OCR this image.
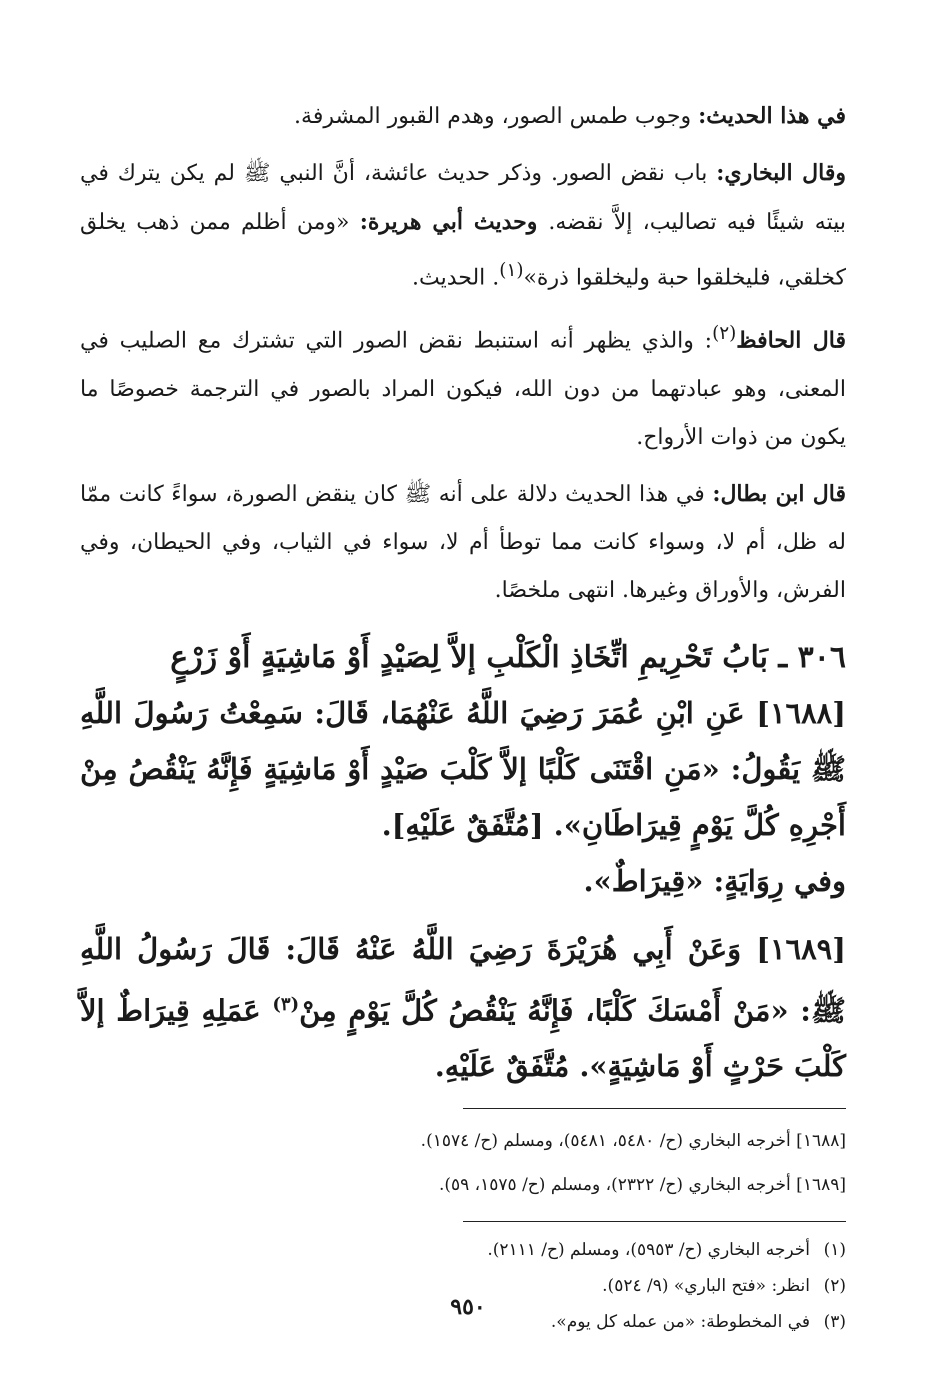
في هذا الحديث: وجوب طمس الصور، وهدم القبور المشرفة.

وقال البخاري: باب نقض الصور. وذكر حديث عائشة، أنَّ النبي ﷺ لم يكن يترك في بيته شيئًا فيه تصاليب، إلاَّ نقضه. وحديث أبي هريرة: «ومن أظلم ممن ذهب يخلق كخلقي، فليخلقوا حبة وليخلقوا ذرة»$^{(١)}$. الحديث.

قال الحافظ$^{(٢)}$: والذي يظهر أنه استنبط نقض الصور التي تشترك مع الصليب في المعنى، وهو عبادتهما من دون الله، فيكون المراد بالصور في الترجمة خصوصًا ما يكون من ذوات الأرواح.

قال ابن بطال: في هذا الحديث دلالة على أنه ﷺ كان ينقض الصورة، سواءً كانت ممّا له ظل، أم لا، وسواء كانت مما توطأ أم لا، سواء في الثياب، وفي الحيطان، وفي الفرش، والأوراق وغيرها. انتهى ملخصًا.

٣٠٦ ـ بَابُ تَحْرِيمِ اتِّخَاذِ الْكَلْبِ إلاَّ لِصَيْدٍ أَوْ مَاشِيَةٍ أَوْ زَرْعٍ

[١٦٨٨] عَنِ ابْنِ عُمَرَ رَضِيَ اللَّهُ عَنْهُمَا، قَالَ: سَمِعْتُ رَسُولَ اللَّهِ ﷺ يَقُولُ: «مَنِ اقْتَنَى كَلْبًا إلاَّ كَلْبَ صَيْدٍ أَوْ مَاشِيَةٍ فَإِنَّهُ يَنْقُصُ مِنْ أَجْرِهِ كُلَّ يَوْمٍ قِيرَاطَانِ». [مُتَّفَقٌ عَلَيْهِ].

وفي رِوَايَةٍ: «قِيرَاطٌ».

[١٦٨٩] وَعَنْ أَبِي هُرَيْرَةَ رَضِيَ اللَّهُ عَنْهُ قَالَ: قَالَ رَسُولُ اللَّهِ ﷺ: «مَنْ أَمْسَكَ كَلْبًا، فَإِنَّهُ يَنْقُصُ كُلَّ يَوْمٍ مِنْ$^{(٣)}$ عَمَلِهِ قِيرَاطٌ إلاَّ كَلْبَ حَرْثٍ أَوْ مَاشِيَةٍ». مُتَّفَقٌ عَلَيْهِ.

[١٦٨٨] أخرجه البخاري (ح/ ٥٤٨٠، ٥٤٨١)، ومسلم (ح/ ١٥٧٤).

[١٦٨٩] أخرجه البخاري (ح/ ٢٣٢٢)، ومسلم (ح/ ١٥٧٥، ٥٩).

(١)
أخرجه البخاري (ح/ ٥٩٥٣)، ومسلم (ح/ ٢١١١).
(٢)
انظر: «فتح الباري» (٩/ ٥٢٤).
(٣)
في المخطوطة: «من عمله كل يوم».
٩٥٠
